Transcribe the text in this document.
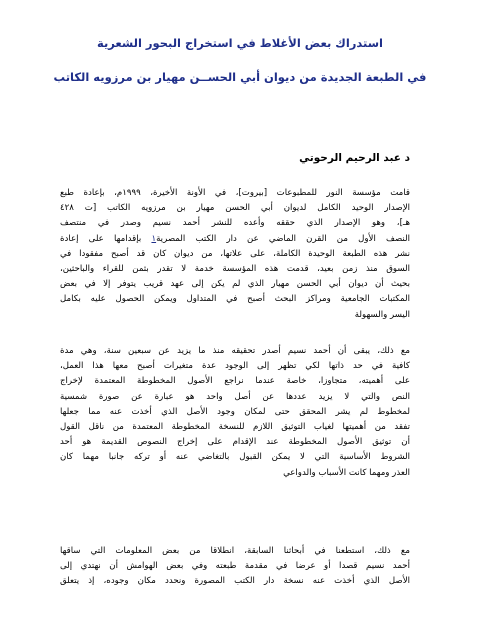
استدراك بعض الأغلاط في استخراج البحور الشعرية
في الطبعة الجديدة من ديوان أبي الحســن مهيار بن مرزويه الكاتب
د عبد الرحيم الرحوتي
قامت مؤسسة النور للمطبوعات [بيروت]، في الأونة الأخيرة، ١٩٩٩م، بإعادة طبع
الإصدار الوحيد الكامل لديوان أبي الحسن مهيار بن مرزويه الكاتب [ت ٤٢٨
هـ]، وهو الإصدار الذي حققه وأعده للنشر أحمد نسيم وصدر في منتصف
النصف الأول من القرن الماضي عن دار الكتب المصرية١ بإقدامها على إعادة
نشر هذه الطبعة الوحيدة الكاملة، على علاتها، من ديوان كان قد أصبح مفقودا في
السوق منذ زمن بعيد، قدمت هذه المؤسسة خدمة لا تقدر بثمن للقراء والباحثين،
بحيث أن ديوان أبي الحسن مهيار الذي لم يكن إلى عهد قريب يتوفر إلا في بعض
المكتبات الجامعية ومراكز البحث أصبح في المتداول ويمكن الحصول عليه بكامل
اليسر والسهولة
مع ذلك، يبقى أن أحمد نسيم أصدر تحقيقه منذ ما يزيد عن سبعين سنة، وهي مدة
كافية في حد ذاتها لكي تظهر إلى الوجود عدة متغيرات أصبح معها هذا العمل،
على أهميته، متجاوزا، خاصة عندما نراجع الأصول المخطوطة المعتمدة لإخراج
النص والتي لا يزيد عددها عن أصل واحد هو عبارة عن صورة شمسية
لمخطوط لم يشر المحقق حتى لمكان وجود الأصل الذي أخذت عنه مما جعلها
تفقد من أهميتها لغياب التوثيق اللازم للنسخة المخطوطة المعتمدة من ناقل القول
أن توثيق الأصول المخطوطة عند الإقدام على إخراج النصوص القديمة هو أحد
الشروط الأساسية التي لا يمكن القبول بالتغاضي عنه أو تركه جانبا مهما كان
العذر ومهما كانت الأسباب والدواعي
مع ذلك، استطعنا في أبحاثنا السابقة، انطلاقا من بعض المعلومات التي ساقها
أحمد نسيم قصدا أو عرضا في مقدمة طبعته وفي بعض الهوامش أن نهتدي إلى
الأصل الذي أخذت عنه نسخة دار الكتب المصورة ونحدد مكان وجوده، إذ يتعلق
